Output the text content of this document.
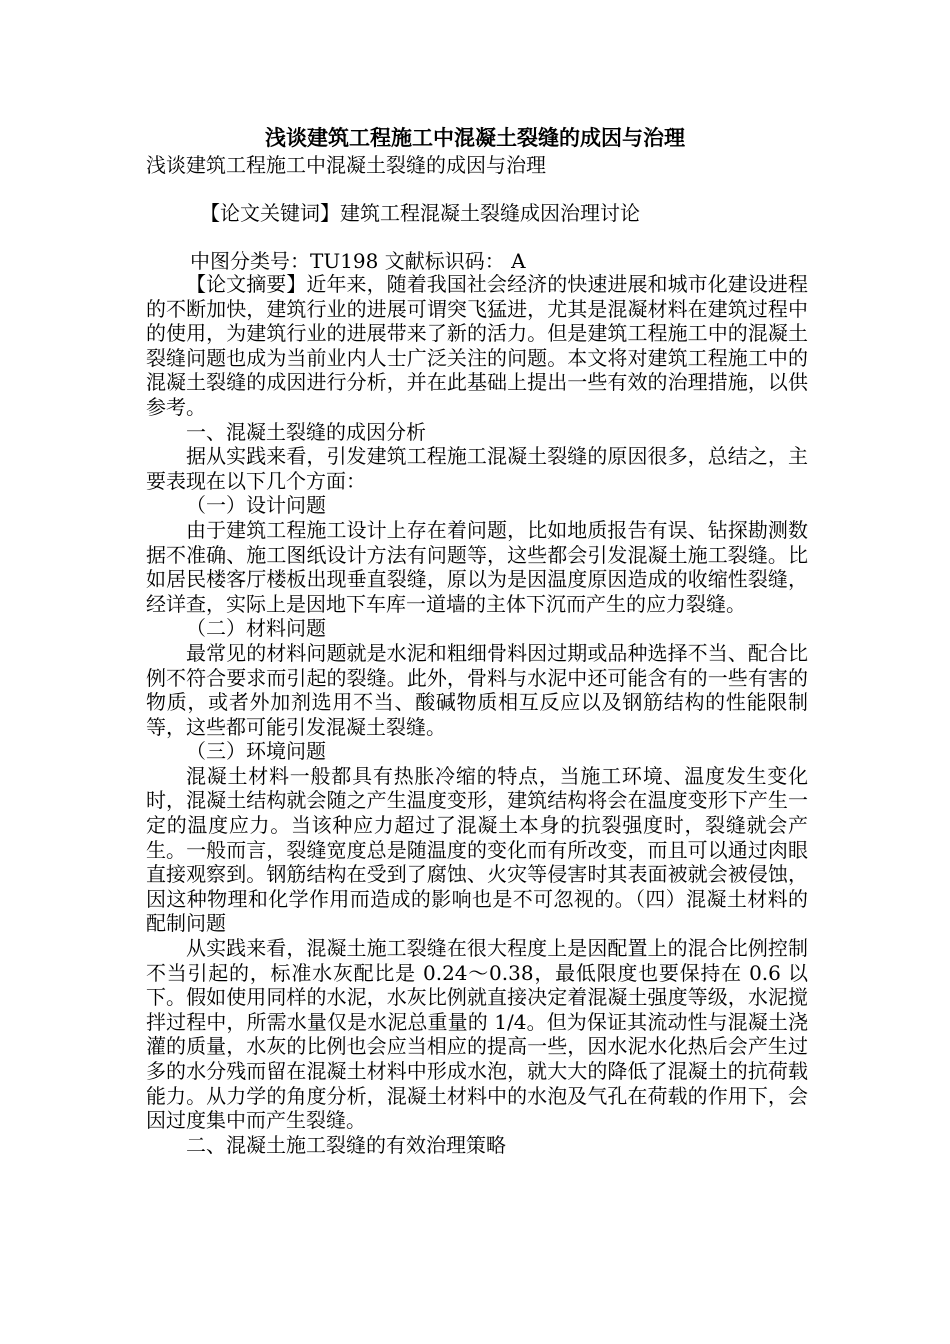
浅谈建筑工程施工中混凝土裂缝的成因与治理
浅谈建筑工程施工中混凝土裂缝的成因与治理
【论文关键词】建筑工程混凝土裂缝成因治理讨论
中图分类号：TU198 文献标识码： A

【论文摘要】近年来，随着我国社会经济的快速进展和城市化建设进程的不断加快，建筑行业的进展可谓突飞猛进，尤其是混凝材料在建筑过程中的使用，为建筑行业的进展带来了新的活力。但是建筑工程施工中的混凝土裂缝问题也成为当前业内人士广泛关注的问题。本文将对建筑工程施工中的混凝土裂缝的成因进行分析，并在此基础上提出一些有效的治理措施，以供参考。

一、混凝土裂缝的成因分析

据从实践来看，引发建筑工程施工混凝土裂缝的原因很多，总结之，主要表现在以下几个方面：

（一）设计问题

由于建筑工程施工设计上存在着问题，比如地质报告有误、钻探勘测数据不准确、施工图纸设计方法有问题等，这些都会引发混凝土施工裂缝。比如居民楼客厅楼板出现垂直裂缝，原以为是因温度原因造成的收缩性裂缝，经详查，实际上是因地下车库一道墙的主体下沉而产生的应力裂缝。

（二）材料问题

最常见的材料问题就是水泥和粗细骨料因过期或品种选择不当、配合比例不符合要求而引起的裂缝。此外，骨料与水泥中还可能含有的一些有害的物质，或者外加剂选用不当、酸碱物质相互反应以及钢筋结构的性能限制等，这些都可能引发混凝土裂缝。

（三）环境问题

混凝土材料一般都具有热胀冷缩的特点，当施工环境、温度发生变化时，混凝土结构就会随之产生温度变形，建筑结构将会在温度变形下产生一定的温度应力。当该种应力超过了混凝土本身的抗裂强度时，裂缝就会产生。一般而言，裂缝宽度总是随温度的变化而有所改变，而且可以通过肉眼直接观察到。钢筋结构在受到了腐蚀、火灾等侵害时其表面被就会被侵蚀，因这种物理和化学作用而造成的影响也是不可忽视的。（四）混凝土材料的配制问题

从实践来看，混凝土施工裂缝在很大程度上是因配置上的混合比例控制不当引起的，标准水灰配比是 0.24～0.38，最低限度也要保持在 0.6 以下。假如使用同样的水泥，水灰比例就直接决定着混凝土强度等级，水泥搅拌过程中，所需水量仅是水泥总重量的 1/4。但为保证其流动性与混凝土浇灌的质量，水灰的比例也会应当相应的提高一些，因水泥水化热后会产生过多的水分残而留在混凝土材料中形成水泡，就大大的降低了混凝土的抗荷载能力。从力学的角度分析，混凝土材料中的水泡及气孔在荷载的作用下，会因过度集中而产生裂缝。

二、混凝土施工裂缝的有效治理策略
